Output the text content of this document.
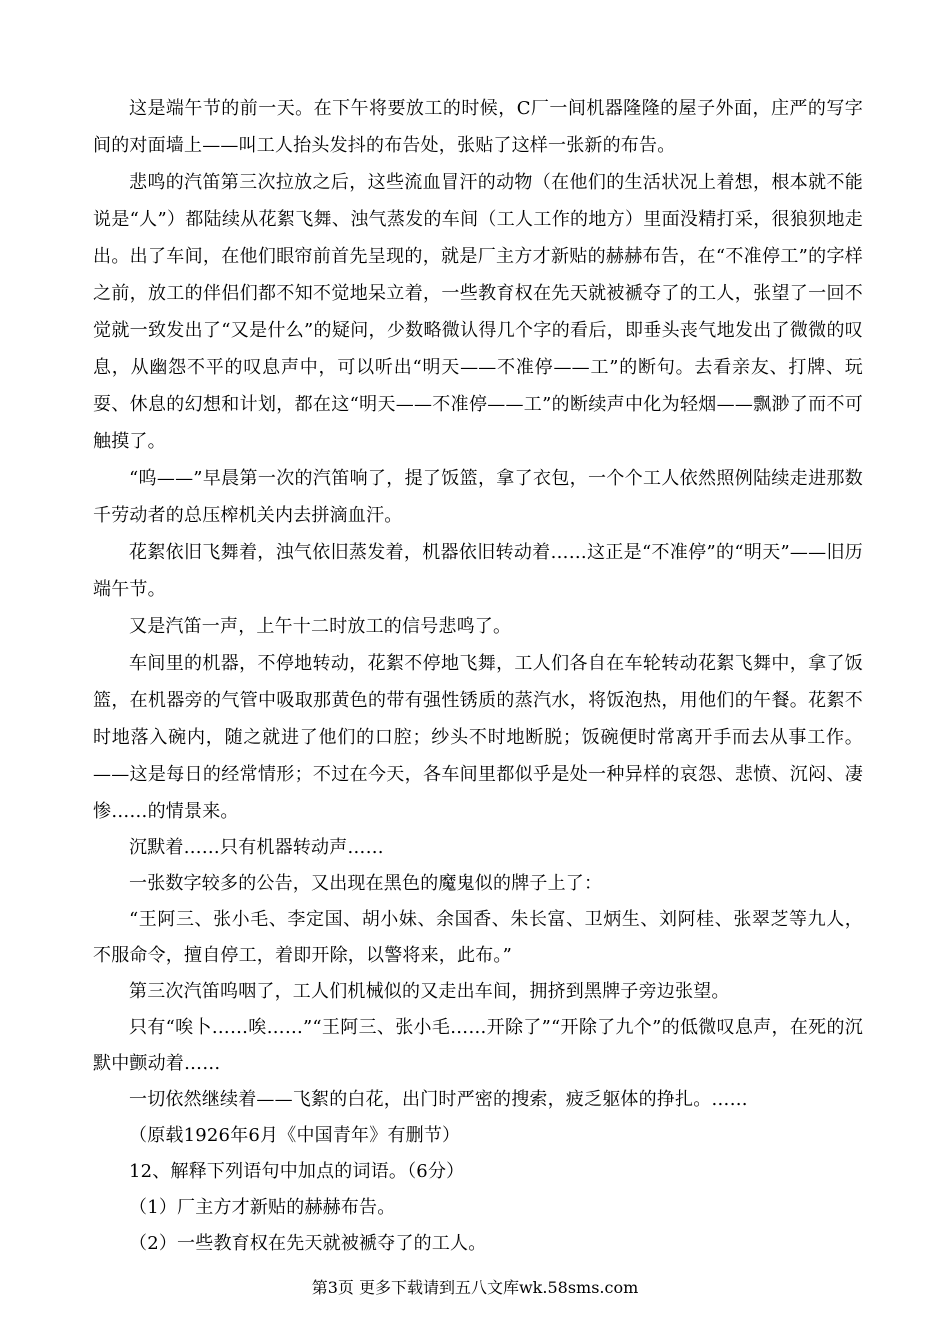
这是端午节的前一天。在下午将要放工的时候，C厂一间机器隆隆的屋子外面，庄严的写字间的对面墙上——叫工人抬头发抖的布告处，张贴了这样一张新的布告。

悲鸣的汽笛第三次拉放之后，这些流血冒汗的动物（在他们的生活状况上着想，根本就不能说是“人”）都陆续从花絮飞舞、浊气蒸发的车间（工人工作的地方）里面没精打采，很狼狈地走出。出了车间，在他们眼帘前首先呈现的，就是厂主方才新贴的赫赫布告，在“不准停工”的字样之前，放工的伴侣们都不知不觉地呆立着，一些教育权在先天就被褫夺了的工人，张望了一回不觉就一致发出了“又是什么”的疑问，少数略微认得几个字的看后，即垂头丧气地发出了微微的叹息，从幽怨不平的叹息声中，可以听出“明天——不准停——工”的断句。去看亲友、打牌、玩耍、休息的幻想和计划，都在这“明天——不准停——工”的断续声中化为轻烟——飘渺了而不可触摸了。

“呜——”早晨第一次的汽笛响了，提了饭篮，拿了衣包，一个个工人依然照例陆续走进那数千劳动者的总压榨机关内去拼滴血汗。

花絮依旧飞舞着，浊气依旧蒸发着，机器依旧转动着……这正是“不准停”的“明天”——旧历端午节。

又是汽笛一声，上午十二时放工的信号悲鸣了。

车间里的机器，不停地转动，花絮不停地飞舞，工人们各自在车轮转动花絮飞舞中，拿了饭篮，在机器旁的气管中吸取那黄色的带有强性锈质的蒸汽水，将饭泡热，用他们的午餐。花絮不时地落入碗内，随之就进了他们的口腔；纱头不时地断脱；饭碗便时常离开手而去从事工作。——这是每日的经常情形；不过在今天，各车间里都似乎是处一种异样的哀怨、悲愤、沉闷、凄惨……的情景来。

沉默着……只有机器转动声……

一张数字较多的公告，又出现在黑色的魔鬼似的牌子上了：

“王阿三、张小毛、李定国、胡小妹、余国香、朱长富、卫炳生、刘阿桂、张翠芝等九人，不服命令，擅自停工，着即开除，以警将来，此布。”

第三次汽笛呜咽了，工人们机械似的又走出车间，拥挤到黑牌子旁边张望。

只有“唉卜……唉……”“王阿三、张小毛……开除了”“开除了九个”的低微叹息声，在死的沉默中颤动着……

一切依然继续着——飞絮的白花，出门时严密的搜索，疲乏躯体的挣扎。……

（原载1926年6月《中国青年》有删节）

12、解释下列语句中加点的词语。（6分）

（1）厂主方才新贴的赫赫布告。

（2）一些教育权在先天就被褫夺了的工人。

第3页 更多下载请到五八文库wk.58sms.com
